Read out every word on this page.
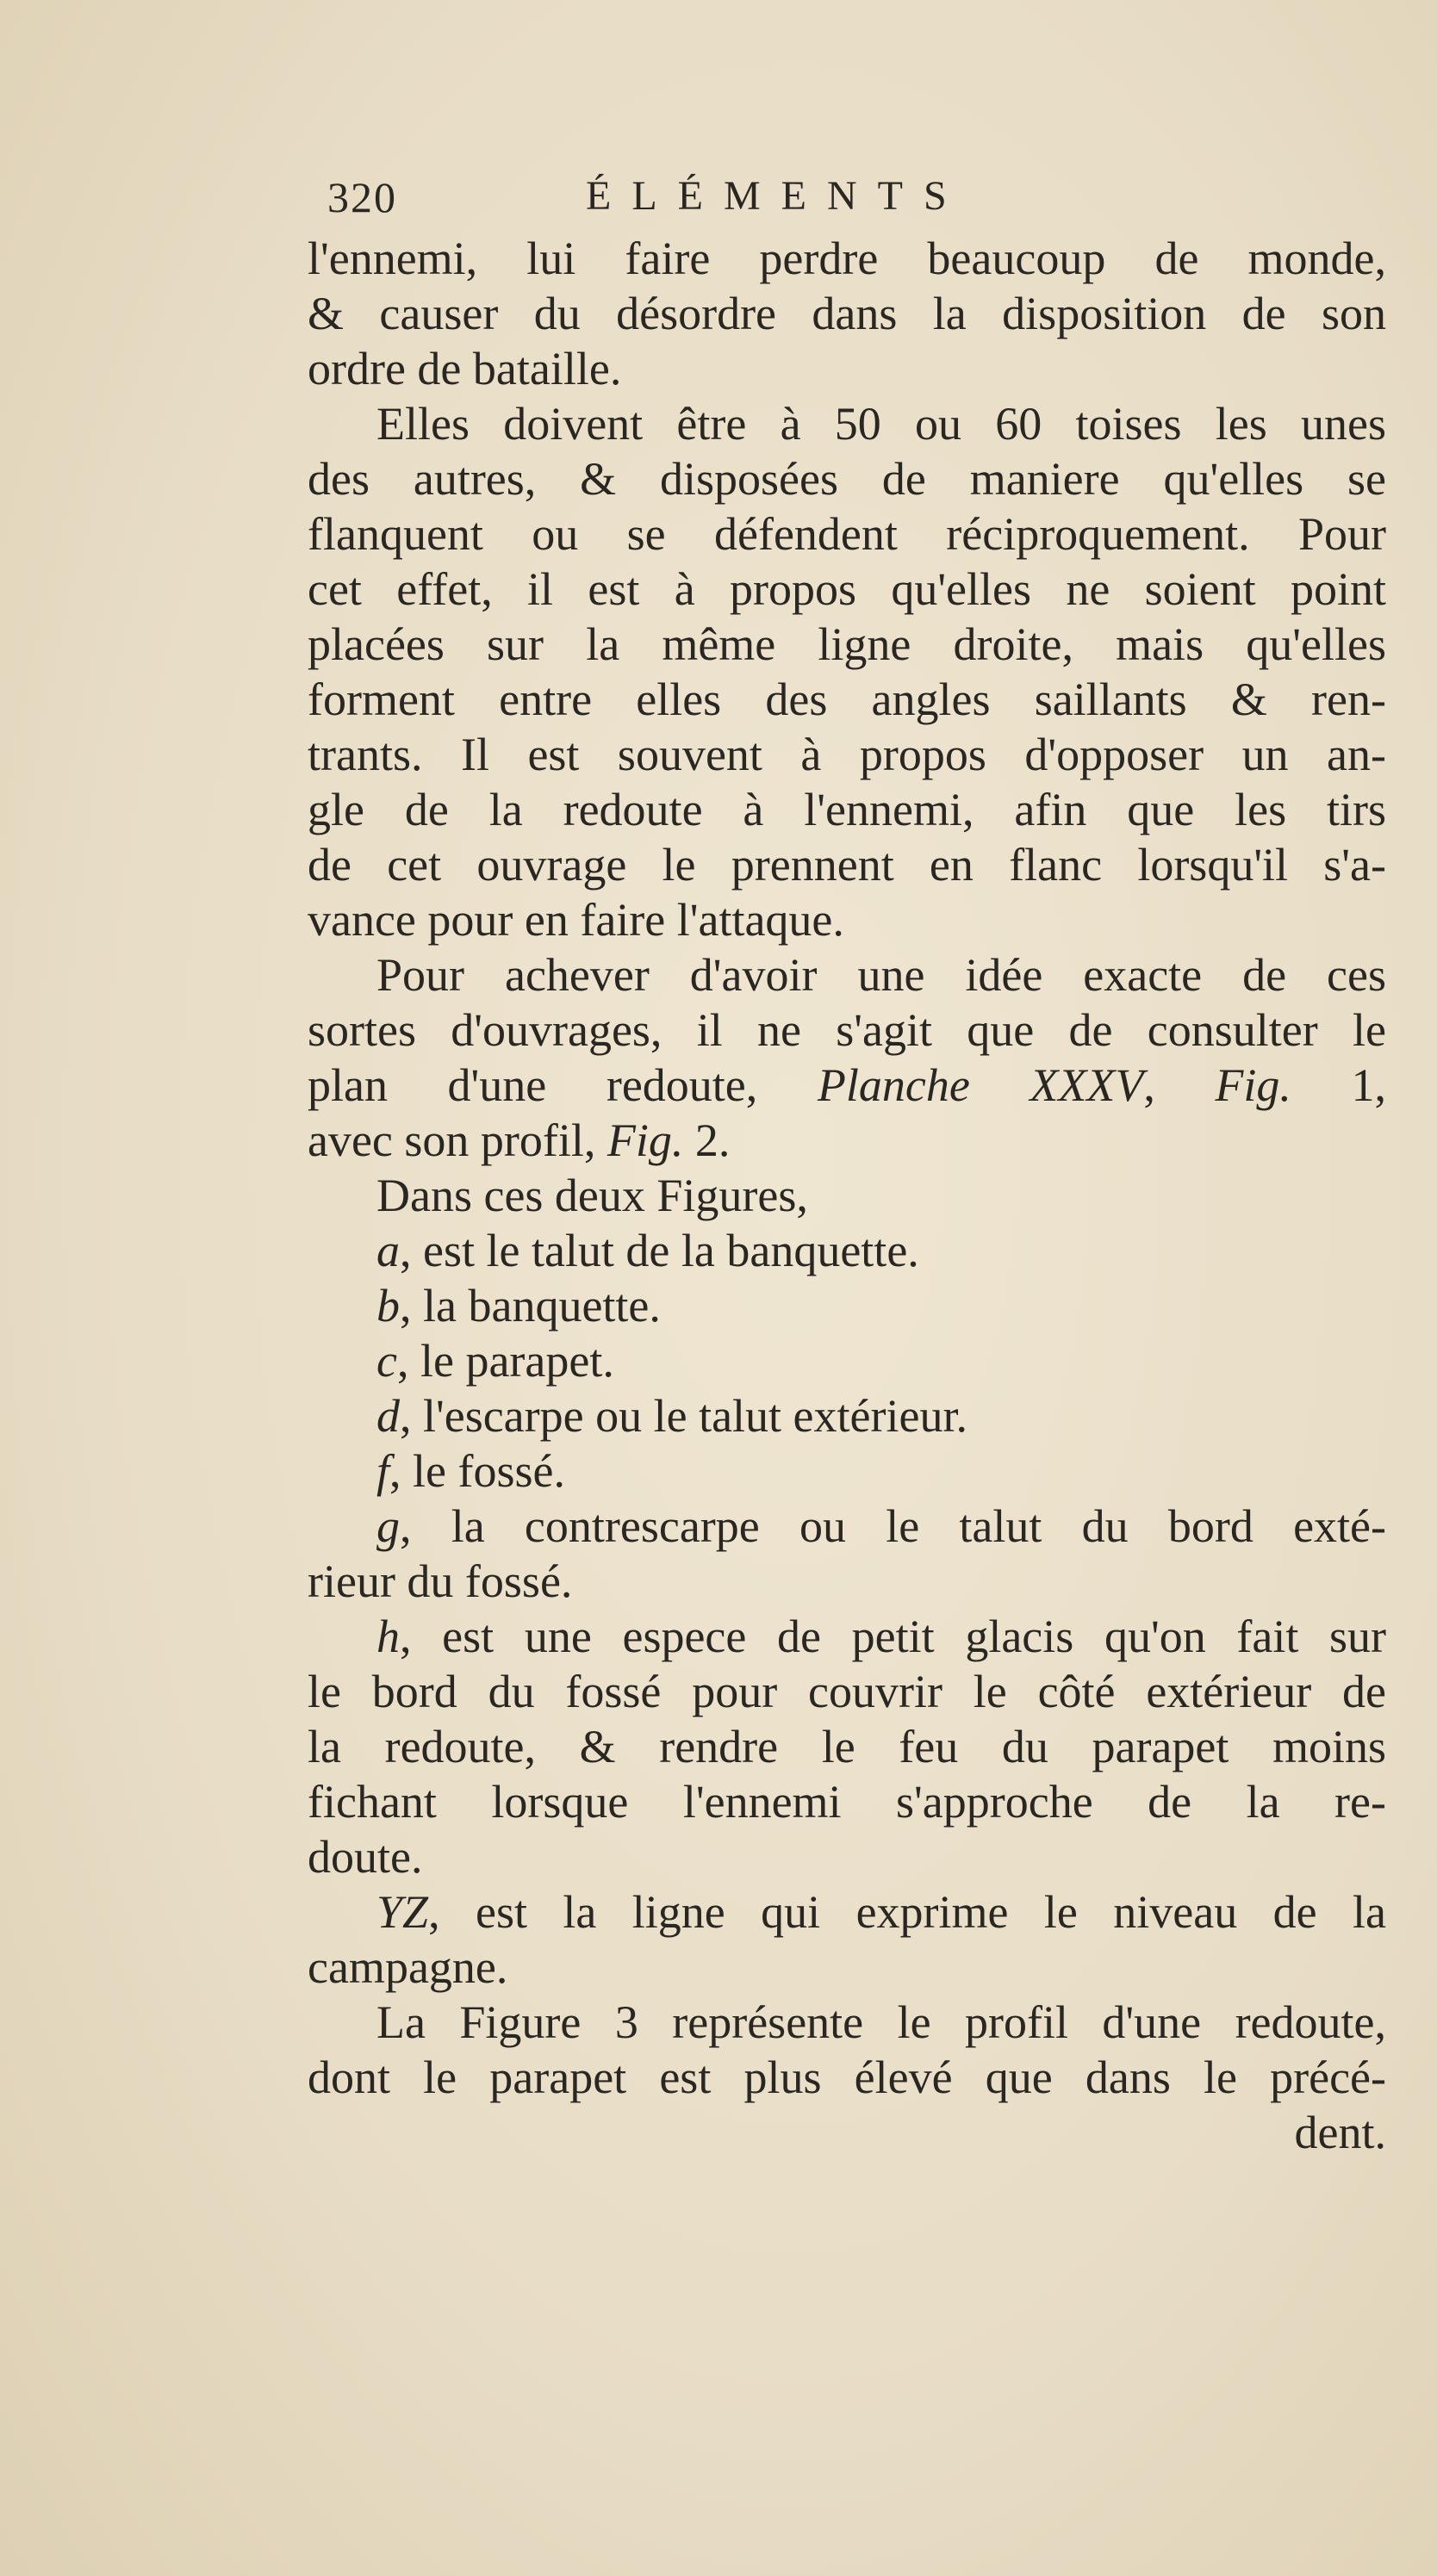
320	ÉLÉMENTS
l'ennemi, lui faire perdre beaucoup de monde,
& causer du désordre dans la disposition de son
ordre de bataille.
Elles doivent être à 50 ou 60 toises les unes
des autres, & disposées de maniere qu'elles se
flanquent ou se défendent réciproquement. Pour
cet effet, il est à propos qu'elles ne soient point
placées sur la même ligne droite, mais qu'elles
forment entre elles des angles saillants & ren-
trants. Il est souvent à propos d'opposer un an-
gle de la redoute à l'ennemi, afin que les tirs
de cet ouvrage le prennent en flanc lorsqu'il s'a-
vance pour en faire l'attaque.
Pour achever d'avoir une idée exacte de ces
sortes d'ouvrages, il ne s'agit que de consulter le
plan d'une redoute, Planche XXXV, Fig. 1,
avec son profil, Fig. 2.
Dans ces deux Figures,
a, est le talut de la banquette.
b, la banquette.
c, le parapet.
d, l'escarpe ou le talut extérieur.
f, le fossé.
g, la contrescarpe ou le talut du bord exté-
rieur du fossé.
h, est une espece de petit glacis qu'on fait sur
le bord du fossé pour couvrir le côté extérieur de
la redoute, & rendre le feu du parapet moins
fichant lorsque l'ennemi s'approche de la re-
doute.
YZ, est la ligne qui exprime le niveau de la
campagne.
La Figure 3 représente le profil d'une redoute,
dont le parapet est plus élevé que dans le précé-
dent.
